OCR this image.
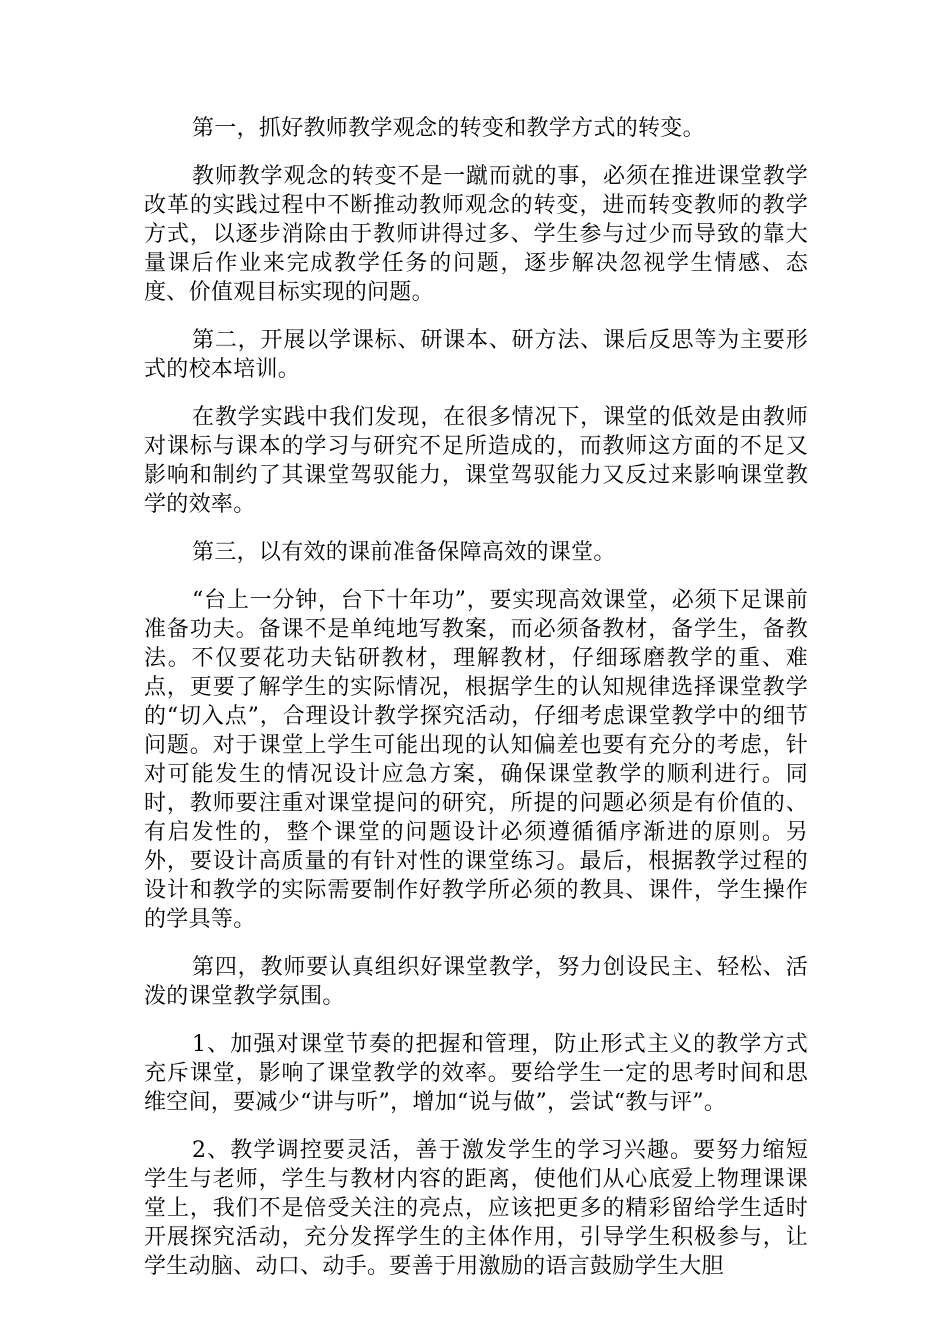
第一，抓好教师教学观念的转变和教学方式的转变。

教师教学观念的转变不是一蹴而就的事，必须在推进课堂教学改革的实践过程中不断推动教师观念的转变，进而转变教师的教学方式，以逐步消除由于教师讲得过多、学生参与过少而导致的靠大量课后作业来完成教学任务的问题，逐步解决忽视学生情感、态度、价值观目标实现的问题。

第二，开展以学课标、研课本、研方法、课后反思等为主要形式的校本培训。

在教学实践中我们发现，在很多情况下，课堂的低效是由教师对课标与课本的学习与研究不足所造成的，而教师这方面的不足又影响和制约了其课堂驾驭能力，课堂驾驭能力又反过来影响课堂教学的效率。

第三，以有效的课前准备保障高效的课堂。

“台上一分钟，台下十年功”，要实现高效课堂，必须下足课前准备功夫。备课不是单纯地写教案，而必须备教材，备学生，备教法。不仅要花功夫钻研教材，理解教材，仔细琢磨教学的重、难点，更要了解学生的实际情况，根据学生的认知规律选择课堂教学的“切入点”，合理设计教学探究活动，仔细考虑课堂教学中的细节问题。对于课堂上学生可能出现的认知偏差也要有充分的考虑，针对可能发生的情况设计应急方案，确保课堂教学的顺利进行。同时，教师要注重对课堂提问的研究，所提的问题必须是有价值的、有启发性的，整个课堂的问题设计必须遵循循序渐进的原则。另外，要设计高质量的有针对性的课堂练习。最后，根据教学过程的设计和教学的实际需要制作好教学所必须的教具、课件，学生操作的学具等。

第四，教师要认真组织好课堂教学，努力创设民主、轻松、活泼的课堂教学氛围。

1、加强对课堂节奏的把握和管理，防止形式主义的教学方式充斥课堂，影响了课堂教学的效率。要给学生一定的思考时间和思维空间，要减少“讲与听”，增加“说与做”，尝试“教与评”。

2、教学调控要灵活，善于激发学生的学习兴趣。要努力缩短学生与老师，学生与教材内容的距离，使他们从心底爱上物理课课堂上，我们不是倍受关注的亮点，应该把更多的精彩留给学生适时开展探究活动，充分发挥学生的主体作用，引导学生积极参与，让学生动脑、动口、动手。要善于用激励的语言鼓励学生大胆
